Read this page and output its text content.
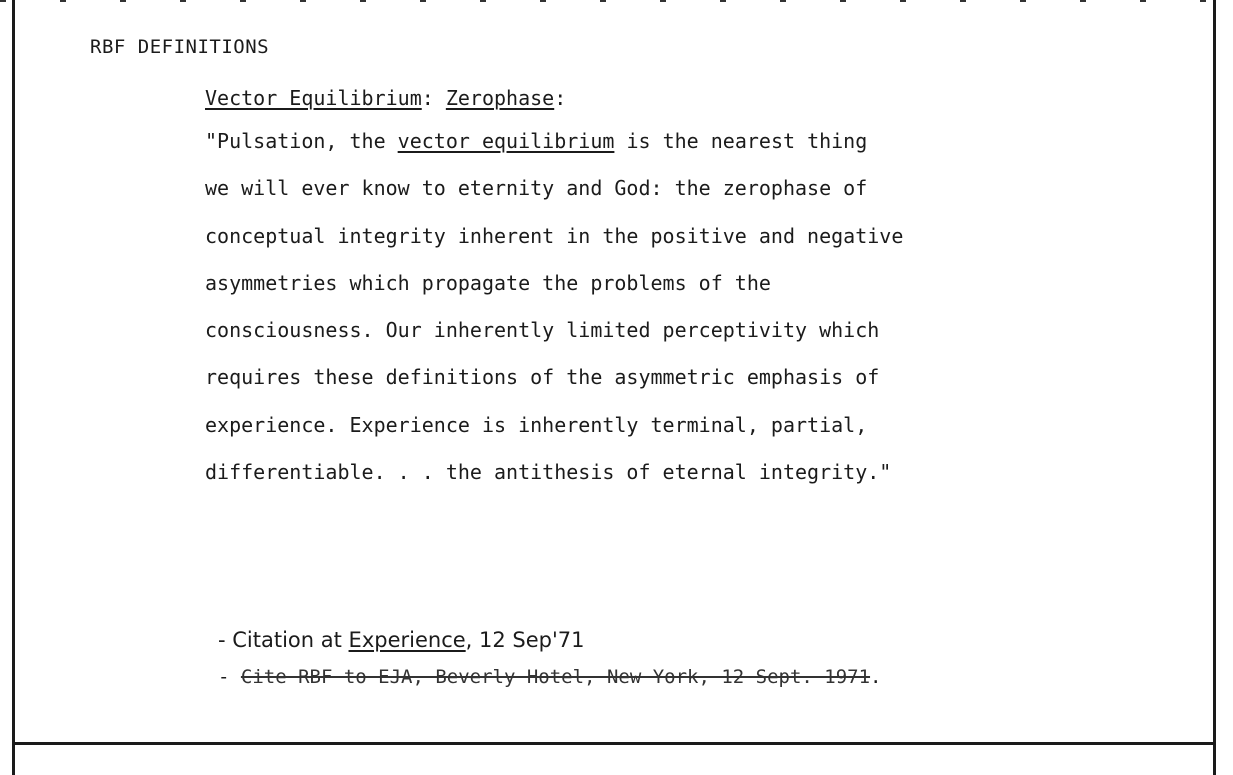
RBF DEFINITIONS
Vector Equilibrium: Zerophase:
"Pulsation, the vector equilibrium is the nearest thing
we will ever know to eternity and God: the zerophase of
conceptual integrity inherent in the positive and negative
asymmetries which propagate the problems of the
consciousness. Our inherently limited perceptivity which
requires these definitions of the asymmetric emphasis of
experience. Experience is inherently terminal, partial,
differentiable. . . the antithesis of eternal integrity."
- Citation at Experience, 12 Sep'71
- Cite RBF to EJA, Beverly Hotel, New York, 12 Sept. 1971.
